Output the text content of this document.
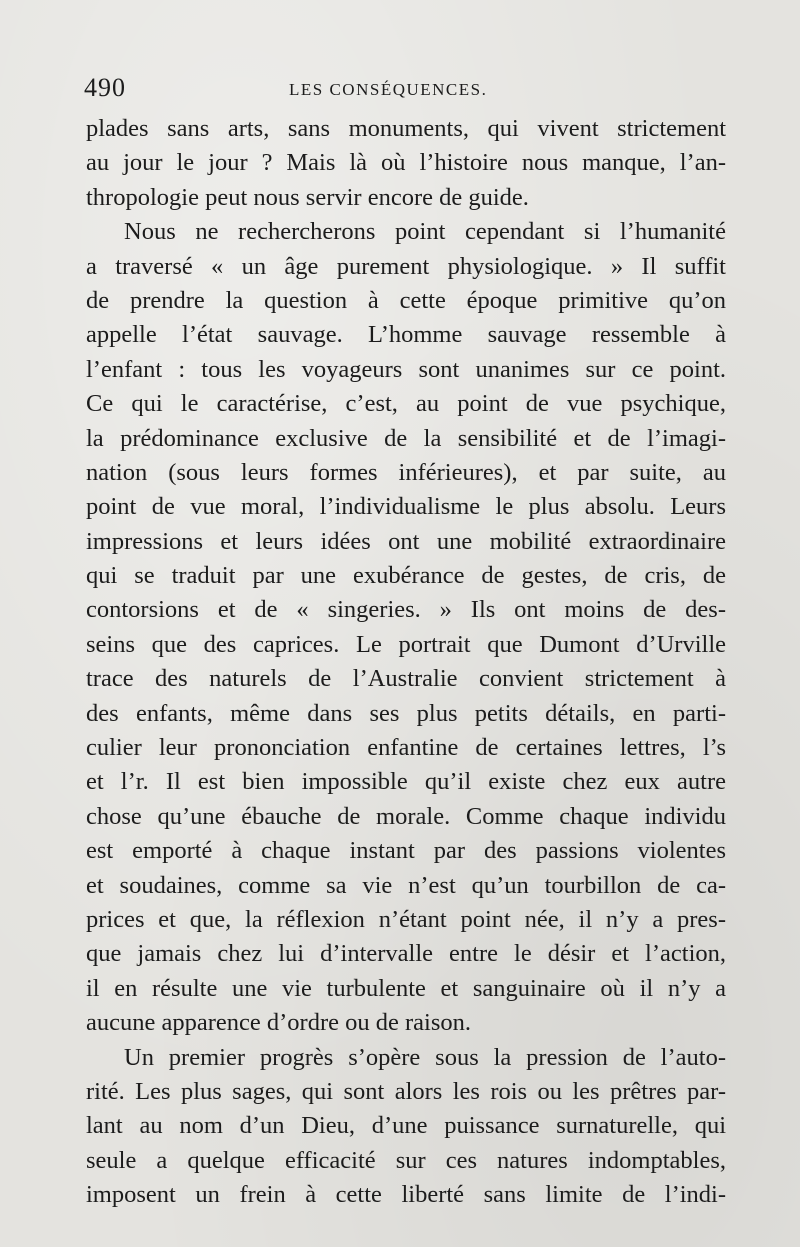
490	LES CONSÉQUENCES.
plades sans arts, sans monuments, qui vivent strictement
au jour le jour ? Mais là où l’histoire nous manque, l’an-
thropologie peut nous servir encore de guide.
Nous ne rechercherons point cependant si l’humanité
a traversé « un âge purement physiologique. » Il suffit
de prendre la question à cette époque primitive qu’on
appelle l’état sauvage. L’homme sauvage ressemble à
l’enfant : tous les voyageurs sont unanimes sur ce point.
Ce qui le caractérise, c’est, au point de vue psychique,
la prédominance exclusive de la sensibilité et de l’imagi-
nation (sous leurs formes inférieures), et par suite, au
point de vue moral, l’individualisme le plus absolu. Leurs
impressions et leurs idées ont une mobilité extraordinaire
qui se traduit par une exubérance de gestes, de cris, de
contorsions et de « singeries. » Ils ont moins de des-
seins que des caprices. Le portrait que Dumont d’Urville
trace des naturels de l’Australie convient strictement à
des enfants, même dans ses plus petits détails, en parti-
culier leur prononciation enfantine de certaines lettres, l’s
et l’r. Il est bien impossible qu’il existe chez eux autre
chose qu’une ébauche de morale. Comme chaque individu
est emporté à chaque instant par des passions violentes
et soudaines, comme sa vie n’est qu’un tourbillon de ca-
prices et que, la réflexion n’étant point née, il n’y a pres-
que jamais chez lui d’intervalle entre le désir et l’action,
il en résulte une vie turbulente et sanguinaire où il n’y a
aucune apparence d’ordre ou de raison.
Un premier progrès s’opère sous la pression de l’auto-
rité. Les plus sages, qui sont alors les rois ou les prêtres par-
lant au nom d’un Dieu, d’une puissance surnaturelle, qui
seule a quelque efficacité sur ces natures indomptables,
imposent un frein à cette liberté sans limite de l’indi-
